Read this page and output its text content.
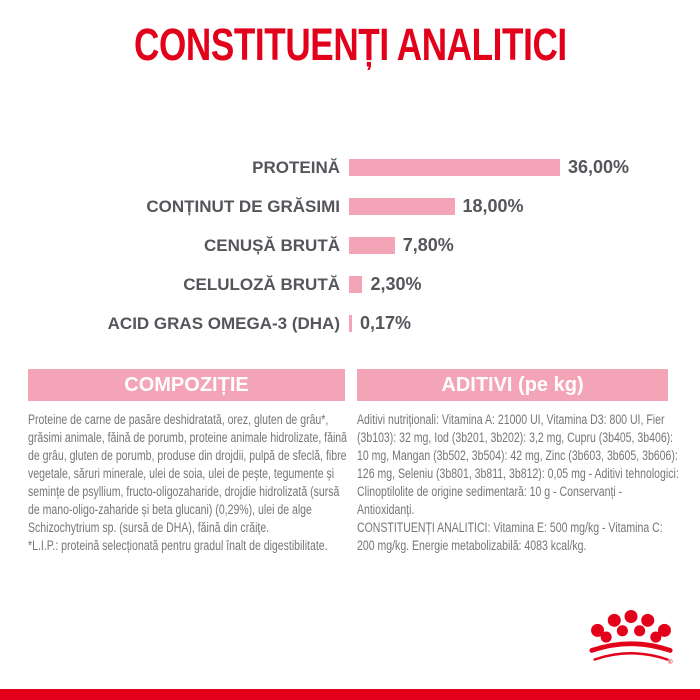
CONSTITUENȚI ANALITICI
PROTEINĂ	36,00%
CONȚINUT DE GRĂSIMI	18,00%
CENUȘĂ BRUTĂ	7,80%
CELULOZĂ BRUTĂ 2,30%
ACID GRAS OMEGA-3 (DHA) 0,17%
COMPOZIȚIE	ADITIVI (pe kg)

Proteine de carne de pasăre deshidratată, orez, gluten de grâu*, grăsimi animale, făină de porumb, proteine animale hidrolizate, făină de grâu, gluten de porumb, produse din drojdii, pulpă de sfeclă, fibre vegetale, săruri minerale, ulei de soia, ulei de pește, tegumente și semințe de psyllium, fructo-oligozaharide, drojdie hidrolizată (sursă de mano-oligo-zaharide și beta glucani) (0,29%), ulei de alge Schizochytrium sp. (sursă de DHA), făină din crăițe.

*L.I.P.: proteină selecționată pentru gradul înalt de digestibilitate.

Aditivi nutriționali: Vitamina A: 21000 UI, Vitamina D3: 800 UI, Fier (3b103): 32 mg, Iod (3b201, 3b202): 3,2 mg, Cupru (3b405, 3b406): 10 mg, Mangan (3b502, 3b504): 42 mg, Zinc (3b603, 3b605, 3b606): 126 mg, Seleniu (3b801, 3b811, 3b812): 0,05 mg - Aditivi tehnologici: Clinoptilolite de origine sedimentară: 10 g - Conservanți - Antioxidanți.

CONSTITUENȚI ANALITICI: Vitamina E: 500 mg/kg - Vitamina C: 200 mg/kg. Energie metabolizabilă: 4083 kcal/kg.

®
